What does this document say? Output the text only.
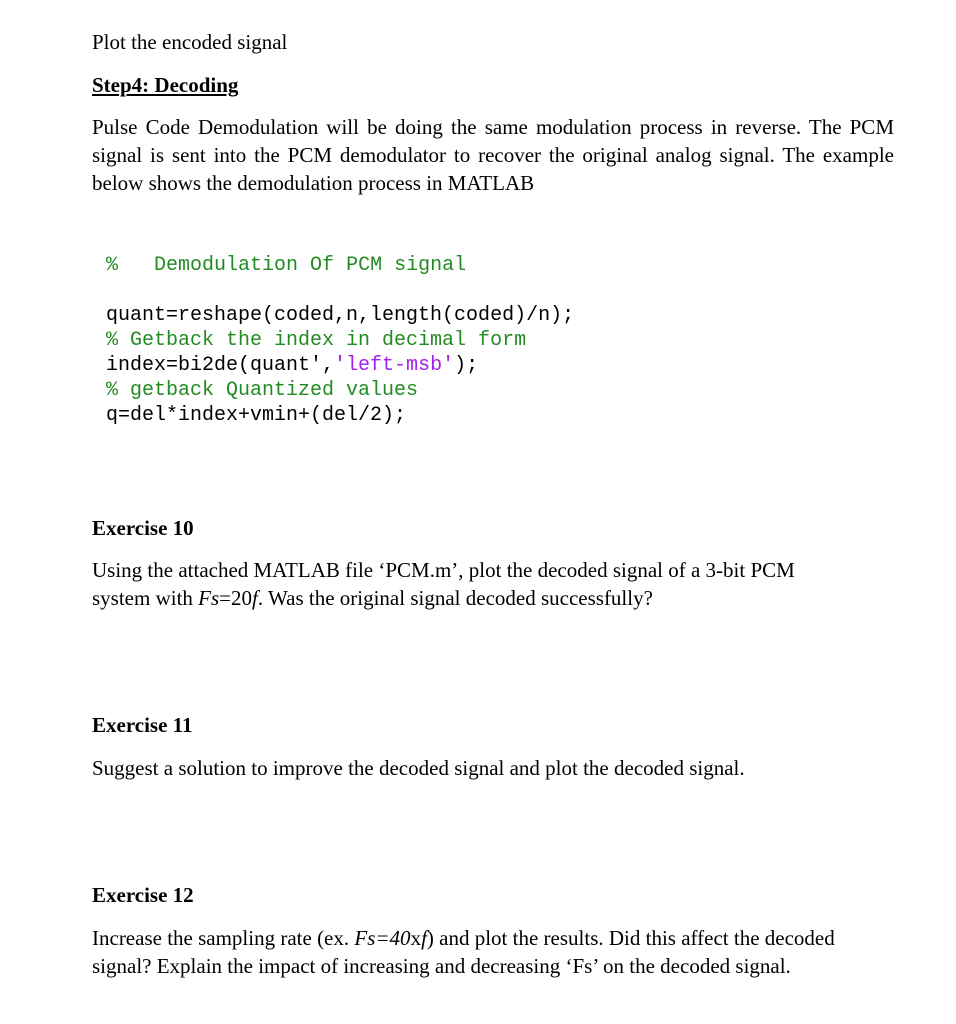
Plot the encoded signal
Step4: Decoding
Pulse Code Demodulation will be doing the same modulation process in reverse. The PCM signal is sent into the PCM demodulator to recover the original analog signal. The example below shows the demodulation process in MATLAB
% Demodulation Of PCM signal
quant=reshape(coded,n,length(coded)/n);
% Getback the index in decimal form
index=bi2de(quant','left-msb');
% getback Quantized values
q=del*index+vmin+(del/2);
Exercise 10
Using the attached MATLAB file ‘PCM.m’, plot the decoded signal of a 3-bit PCM system with Fs=20f. Was the original signal decoded successfully?
Exercise 11
Suggest a solution to improve the decoded signal and plot the decoded signal.
Exercise 12
Increase the sampling rate (ex. Fs=40xf) and plot the results. Did this affect the decoded signal? Explain the impact of increasing and decreasing ‘Fs’ on the decoded signal.
